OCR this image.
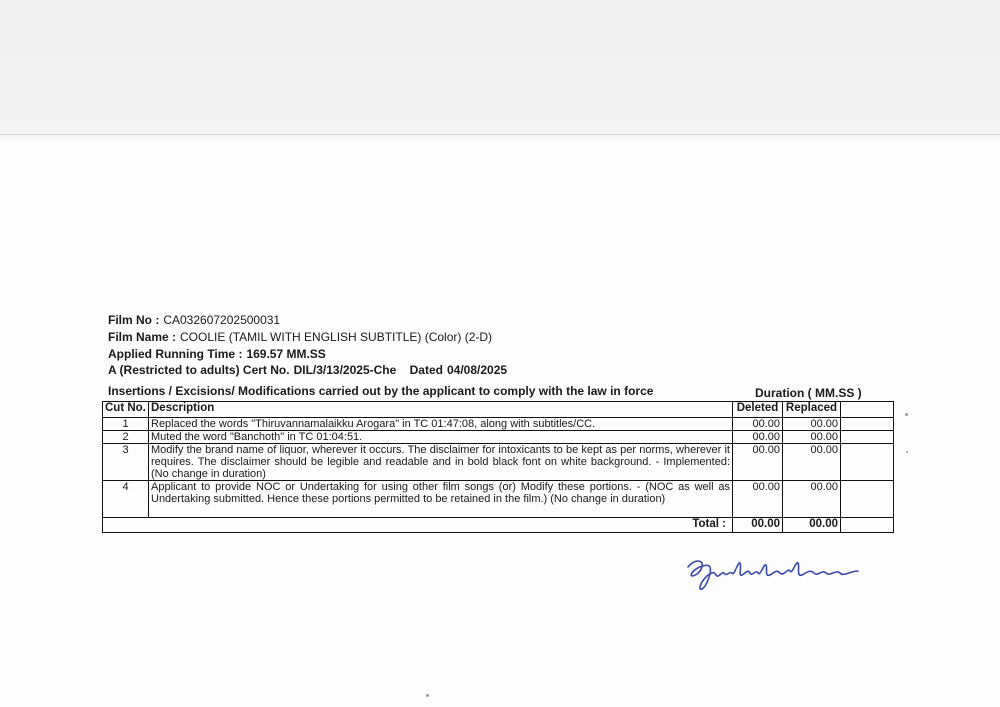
Film No : CA032607202500031
Film Name : COOLIE (TAMIL WITH ENGLISH SUBTITLE) (Color) (2-D)
Applied Running Time : 169.57 MM.SS
A (Restricted to adults) Cert No. DIL/3/13/2025-Che Dated 04/08/2025
Insertions / Excisions/ Modifications carried out by the applicant to comply with the law in force	Duration ( MM.SS )
Cut No.	Description	Deleted	Replaced	
1	Replaced the words "Thiruvannamalaikku Arogara" in TC 01:47:08, along with subtitles/CC.	00.00	00.00	
2	Muted the word "Banchoth" in TC 01:04:51.	00.00	00.00	
3	Modify the brand name of liquor, wherever it occurs. The disclaimer for intoxicants to be kept as per norms, wherever it requires. The disclaimer should be legible and readable and in bold black font on white background. - Implemented: (No change in duration)	00.00	00.00	
4	Applicant to provide NOC or Undertaking for using other film songs (or) Modify these portions. - (NOC as well as Undertaking submitted. Hence these portions permitted to be retained in the film.) (No change in duration)	00.00	00.00	
Total :		00.00	00.00	
